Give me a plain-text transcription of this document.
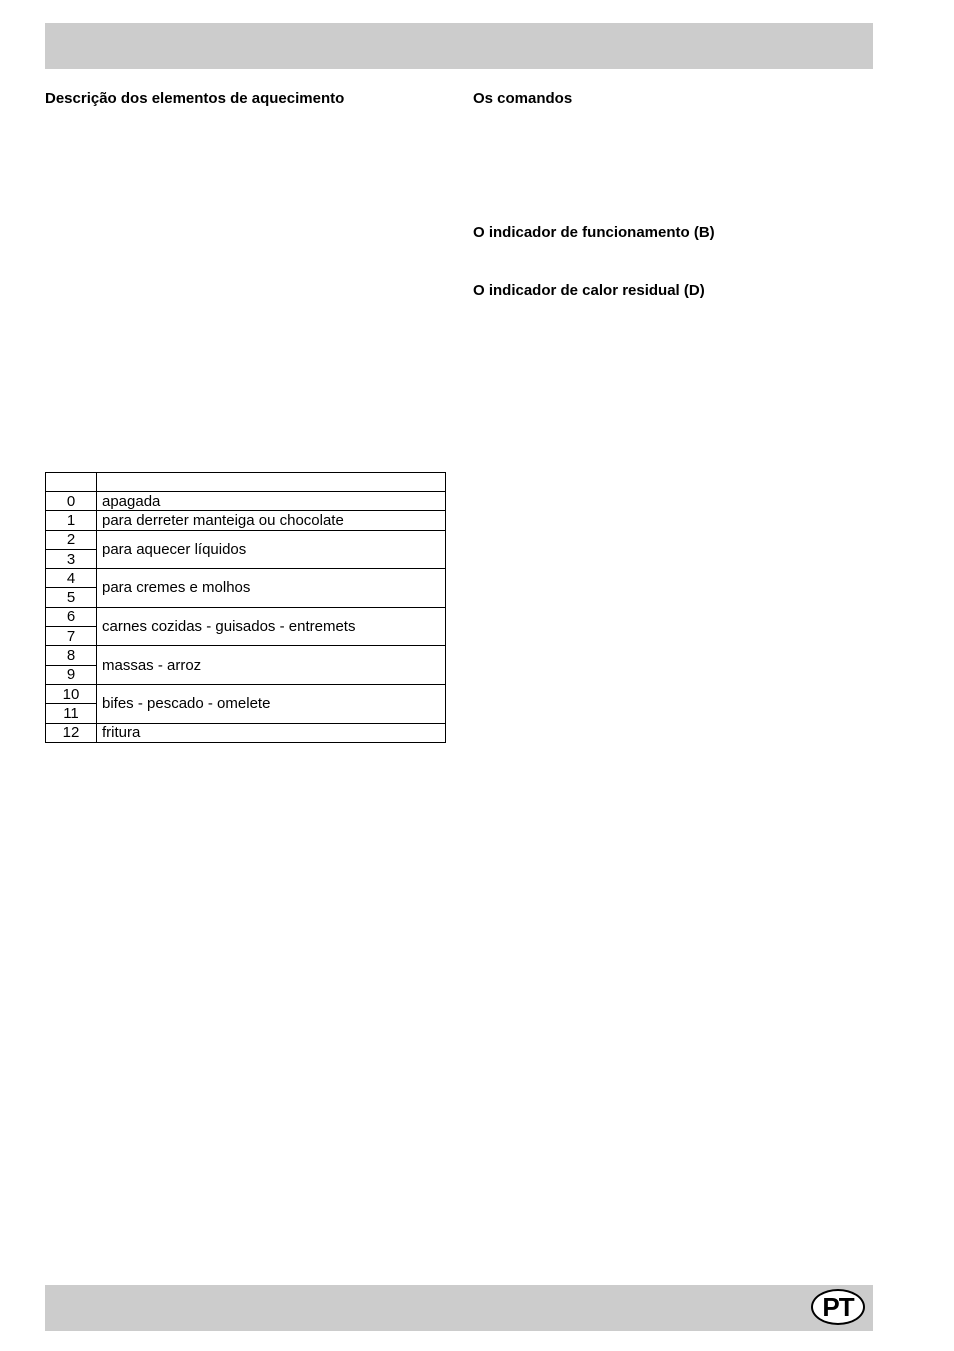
Descrição dos elementos de aquecimento	Os comandos
O indicador de funcionamento (B)
O indicador de calor residual (D)

0	apagada
1	para derreter manteiga ou chocolate
2	para aquecer líquidos
3	
4	para cremes e molhos
5	
6	carnes cozidas - guisados - entremets
7	
8	massas - arroz
9	
10	bifes - pescado - omelete
11	
12	fritura
PT
